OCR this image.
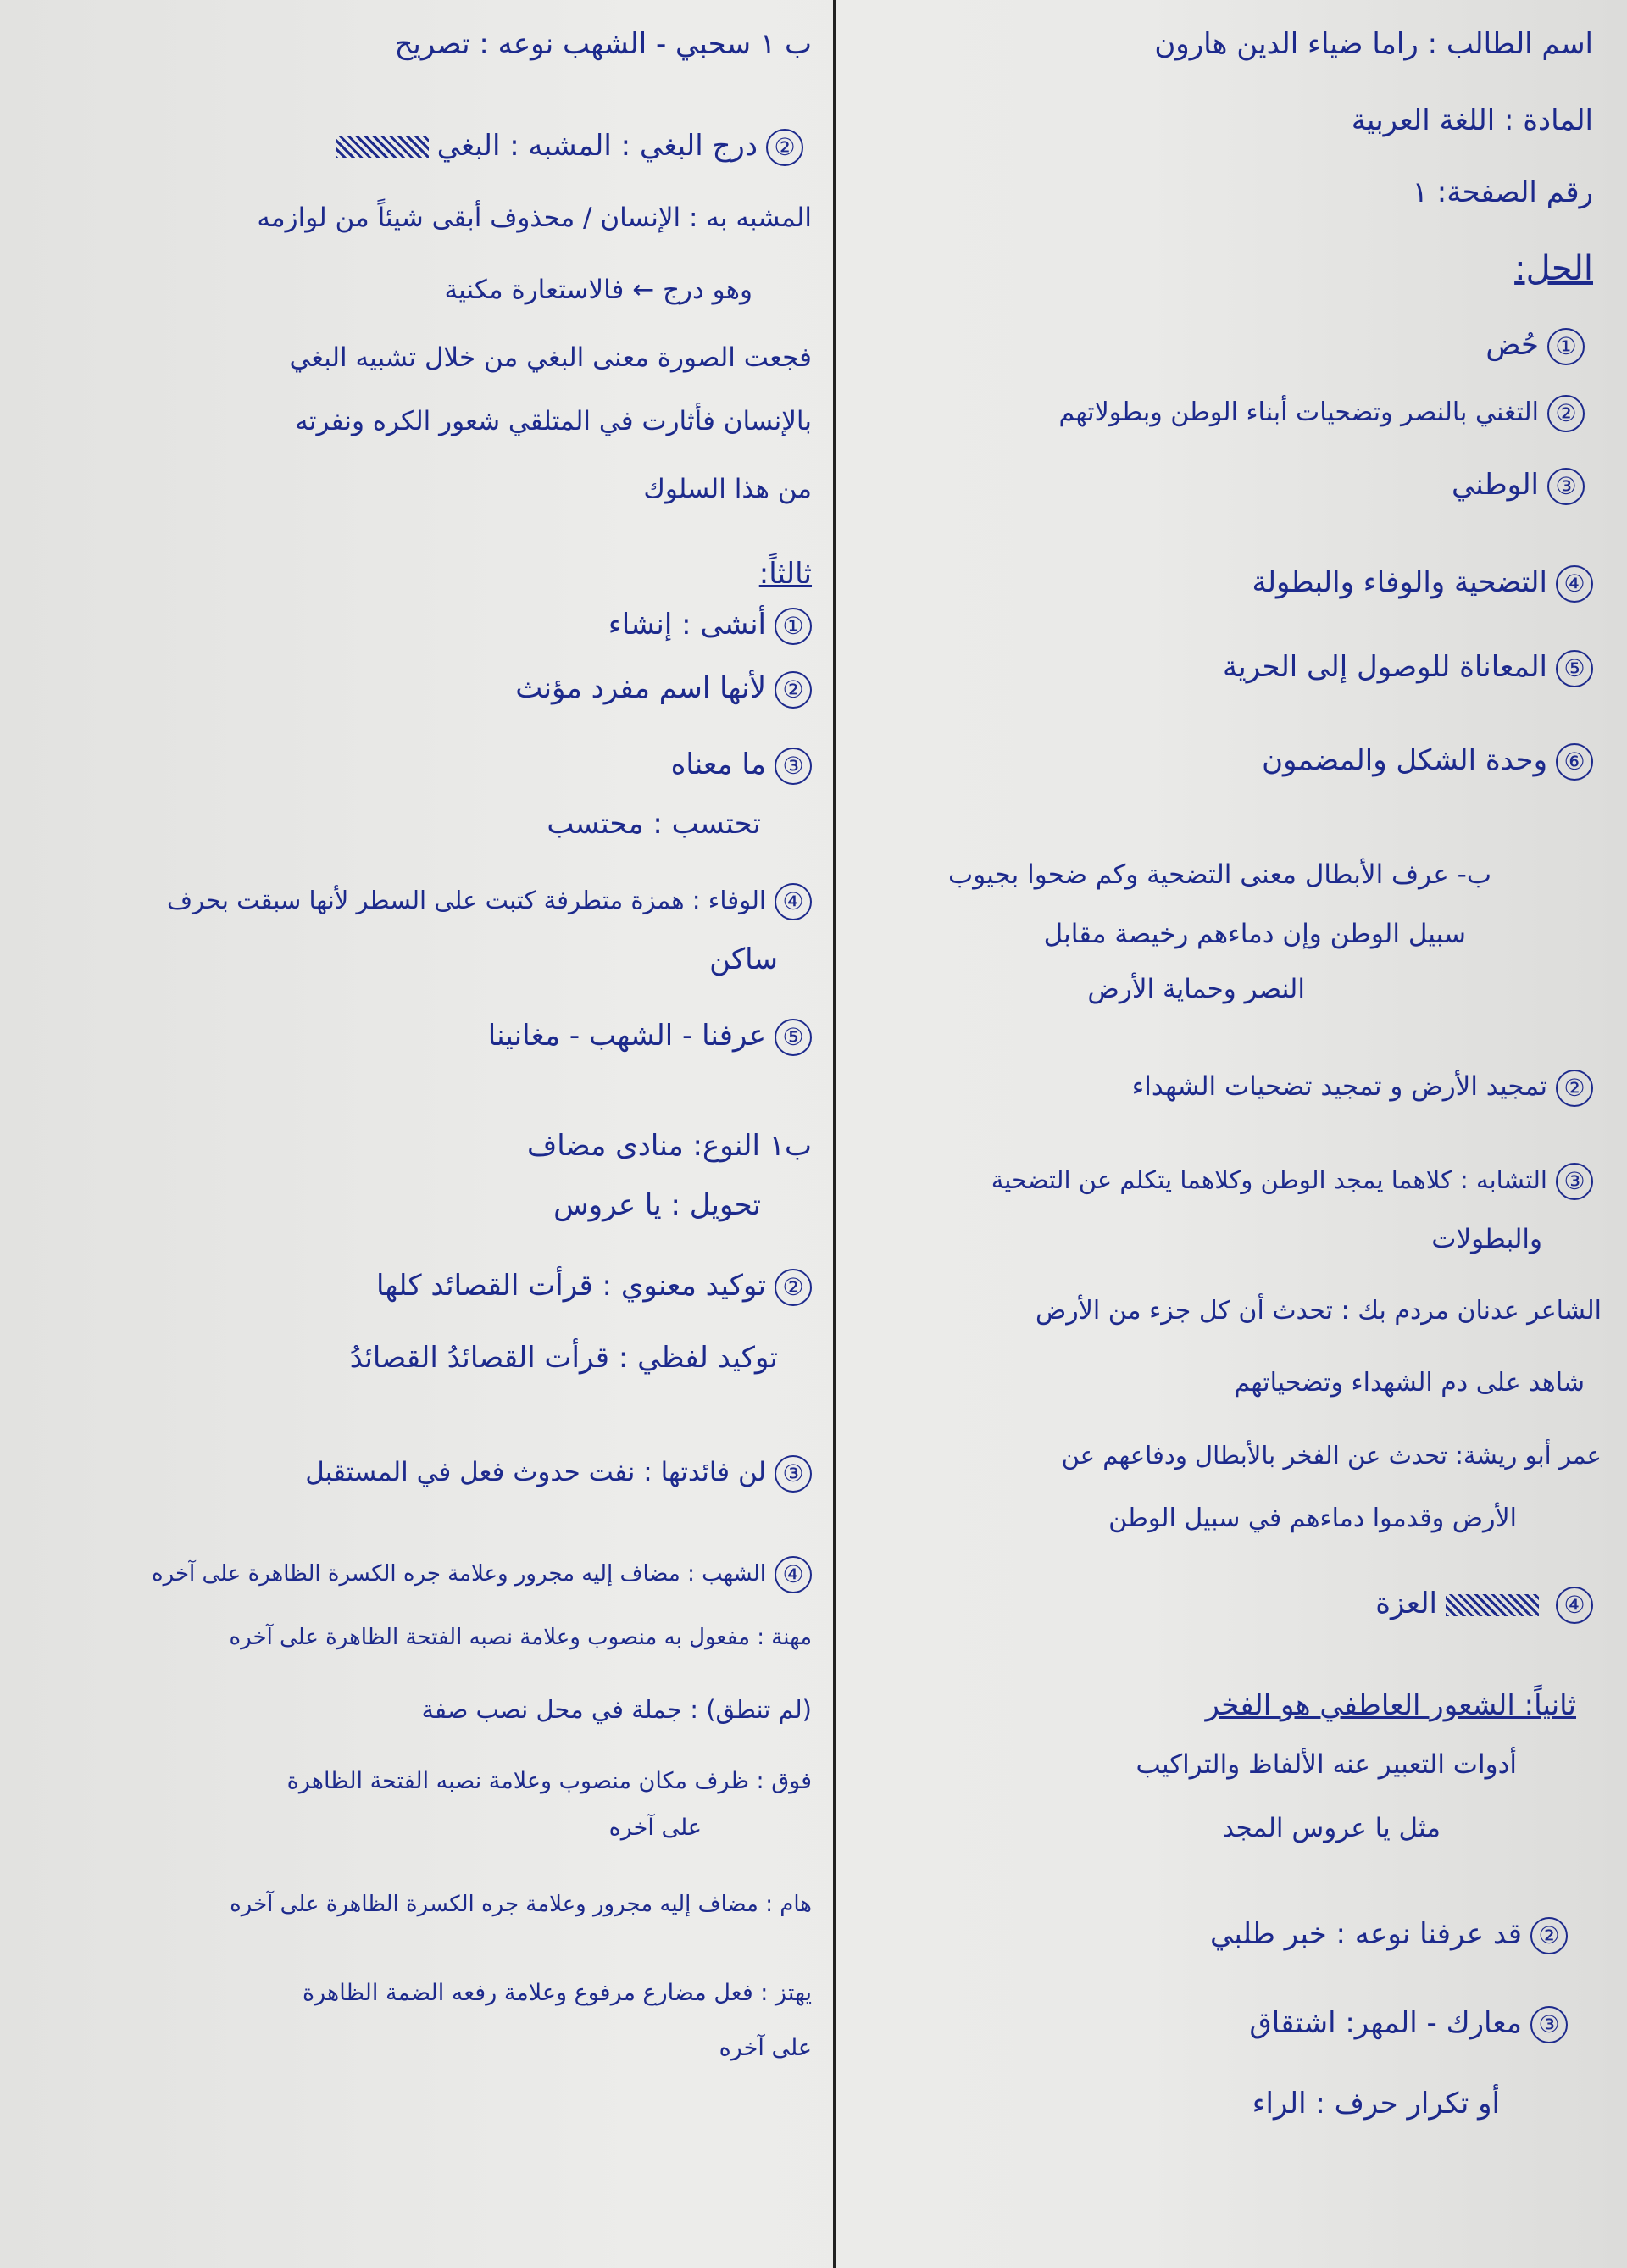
اسم الطالب : راما ضياء الدين هارون
المادة : اللغة العربية
رقم الصفحة: ١
الحل:
①حُض
②التغني بالنصر وتضحيات أبناء الوطن وبطولاتهم
③الوطني
④التضحية والوفاء والبطولة
⑤المعاناة للوصول إلى الحرية
⑥وحدة الشكل والمضمون
ب- عرف الأبطال معنى التضحية وكم ضحوا بجيوب
سبيل الوطن وإن دماءهم رخيصة مقابل
النصر وحماية الأرض
②تمجيد الأرض و تمجيد تضحيات الشهداء
③التشابه : كلاهما يمجد الوطن وكلاهما يتكلم عن التضحية
والبطولات
الشاعر عدنان مردم بك : تحدث أن كل جزء من الأرض
شاهد على دم الشهداء وتضحياتهم
عمر أبو ريشة: تحدث عن الفخر بالأبطال ودفاعهم عن
الأرض وقدموا دماءهم في سبيل الوطن
④العزة
ثانياً: الشعور العاطفي هو الفخر
أدوات التعبير عنه الألفاظ والتراكيب
مثل يا عروس المجد
②قد عرفنا نوعه : خبر طلبي
③معارك - المهر: اشتقاق
أو تكرار حرف : الراء
ب ١ سحبي - الشهب نوعه : تصريح
②درج البغي : المشبه : البغي
المشبه به : الإنسان / محذوف أبقى شيئاً من لوازمه
وهو درج ← فالاستعارة مكنية
فجعت الصورة معنى البغي من خلال تشبيه البغي
بالإنسان فأثارت في المتلقي شعور الكره ونفرته
من هذا السلوك
ثالثاً:
①أنشى : إنشاء
②لأنها اسم مفرد مؤنث
③ما معناه
تحتسب : محتسب
④الوفاء : همزة متطرفة كتبت على السطر لأنها سبقت بحرف
ساكن
⑤عرفنا - الشهب - مغانينا
ب١ النوع: منادى مضاف
تحويل : يا عروس
②توكيد معنوي : قرأت القصائد كلها
توكيد لفظي : قرأت القصائدُ القصائدُ
③لن فائدتها : نفت حدوث فعل في المستقبل
④الشهب : مضاف إليه مجرور وعلامة جره الكسرة الظاهرة على آخره
مهنة : مفعول به منصوب وعلامة نصبه الفتحة الظاهرة على آخره
(لم تنطق) : جملة في محل نصب صفة
فوق : ظرف مكان منصوب وعلامة نصبه الفتحة الظاهرة
على آخره
هام : مضاف إليه مجرور وعلامة جره الكسرة الظاهرة على آخره
يهتز : فعل مضارع مرفوع وعلامة رفعه الضمة الظاهرة
على آخره
